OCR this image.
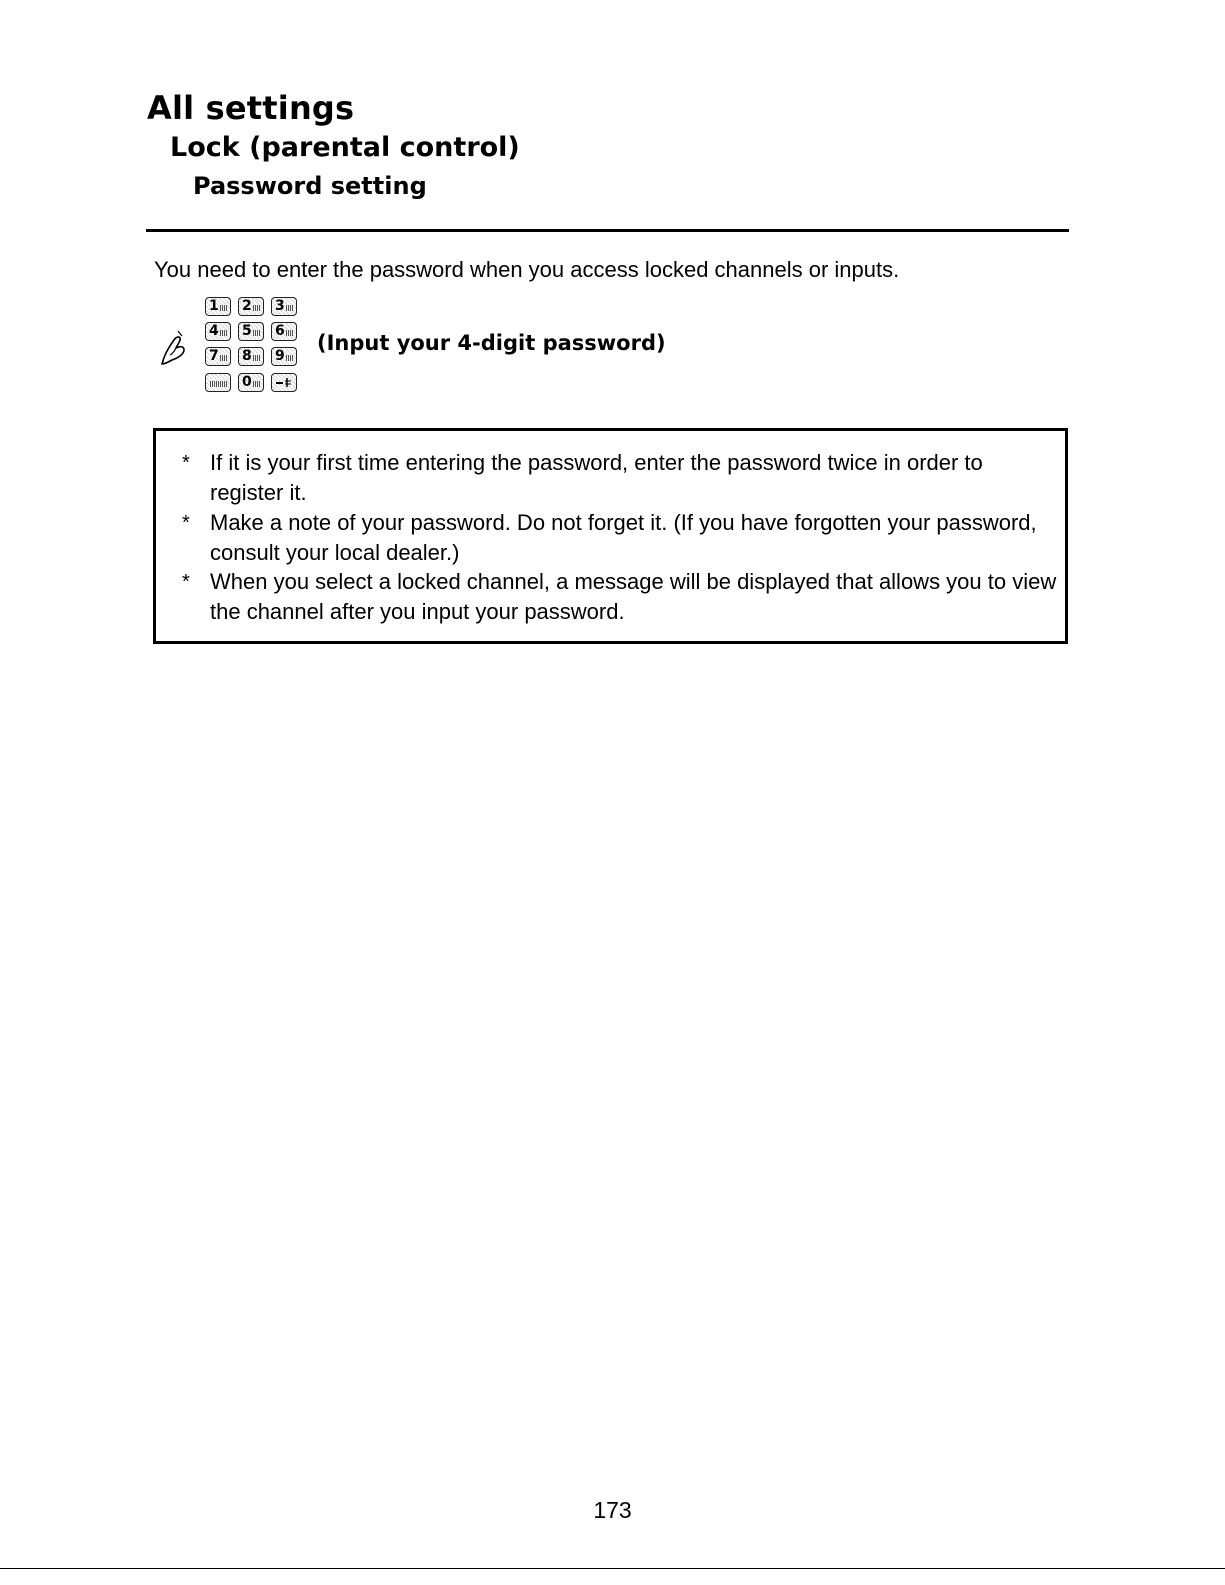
All settings
Lock (parental control)
Password setting
You need to enter the password when you access locked channels or inputs.
1 2 3
4 5 6
7 8 9
0
(Input your 4-digit password)
* If it is your first time entering the password, enter the password twice in order to register it.
* Make a note of your password. Do not forget it. (If you have forgotten your password, consult your local dealer.)
* When you select a locked channel, a message will be displayed that allows you to view the channel after you input your password.
173
